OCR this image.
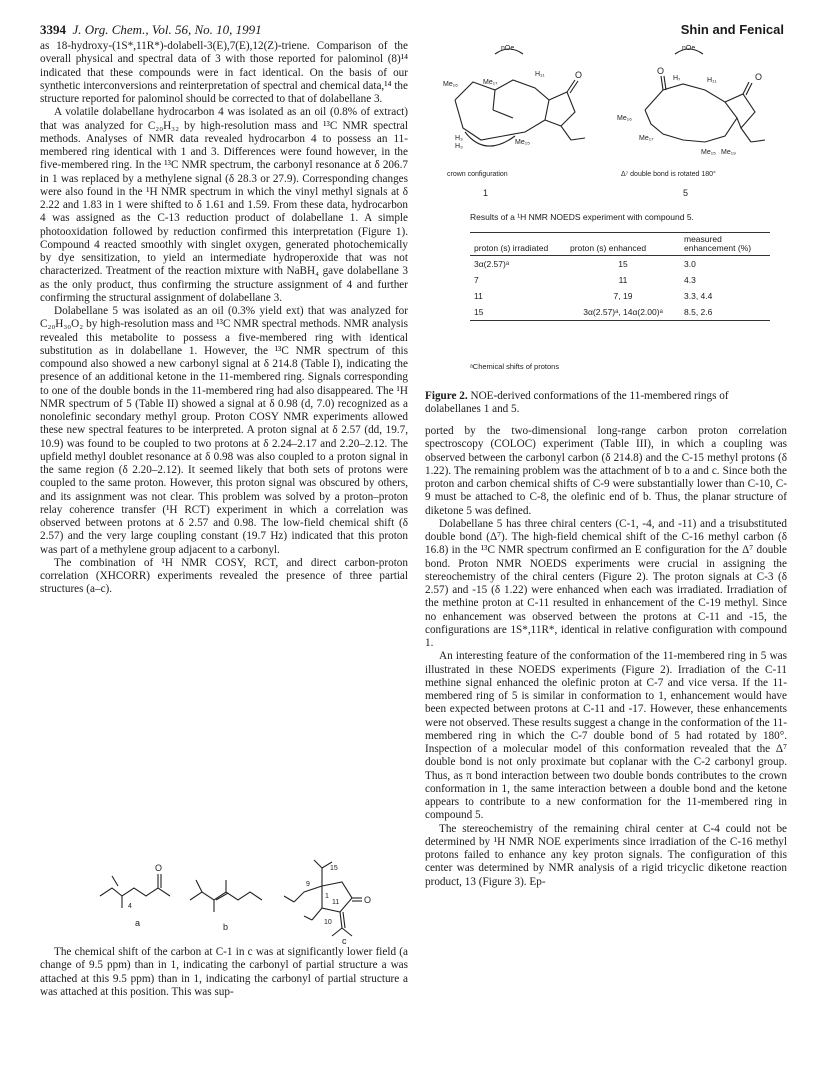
3394 J. Org. Chem., Vol. 56, No. 10, 1991	Shin and Fenical

as 18-hydroxy-(1S*,11R*)-dolabell-3(E),7(E),12(Z)-triene. Comparison of the overall physical and spectral data of 3 with those reported for palominol (8)¹⁴ indicated that these compounds were in fact identical. On the basis of our synthetic interconversions and reinterpretation of spectral and chemical data,¹⁴ the structure reported for palominol should be corrected to that of dolabellane 3.

A volatile dolabellane hydrocarbon 4 was isolated as an oil (0.8% of extract) that was analyzed for C₂₀H₃₂ by high-resolution mass and ¹³C NMR spectral methods. Analyses of NMR data revealed hydrocarbon 4 to possess an 11-membered ring identical with 1 and 3. Differences were found however, in the five-membered ring. In the ¹³C NMR spectrum, the carbonyl resonance at δ 206.7 in 1 was replaced by a methylene signal (δ 28.3 or 27.9). Corresponding changes were also found in the ¹H NMR spectrum in which the vinyl methyl signals at δ 2.22 and 1.83 in 1 were shifted to δ 1.61 and 1.59. From these data, hydrocarbon 4 was assigned as the C-13 reduction product of dolabellane 1. A simple photooxidation followed by reduction confirmed this interpretation (Figure 1). Compound 4 reacted smoothly with singlet oxygen, generated photochemically by dye sensitization, to yield an intermediate hydroperoxide that was not characterized. Treatment of the reaction mixture with NaBH₄ gave dolabellane 3 as the only product, thus confirming the structure assignment of 4 and further confirming the structural assignment of dolabellane 3.

Dolabellane 5 was isolated as an oil (0.3% yield ext) that was analyzed for C₂₀H₃₀O₂ by high-resolution mass and ¹³C NMR spectral methods. NMR analysis revealed this metabolite to possess a five-membered ring with identical substitution as in dolabellane 1. However, the ¹³C NMR spectrum of this compound also showed a new carbonyl signal at δ 214.8 (Table I), indicating the presence of an additional ketone in the 11-membered ring. Signals corresponding to one of the double bonds in the 11-membered ring had also disappeared. The ¹H NMR spectrum of 5 (Table II) showed a signal at δ 0.98 (d, 7.0) recognized as a nonolefinic secondary methyl group. Proton COSY NMR experiments allowed these new spectral features to be interpreted. A proton signal at δ 2.57 (dd, 19.7, 10.9) was found to be coupled to two protons at δ 2.24–2.17 and 2.20–2.12. The upfield methyl doublet resonance at δ 0.98 was also coupled to a proton signal in the same region (δ 2.20–2.12). It seemed likely that both sets of protons were coupled to the same proton. However, this proton signal was obscured by others, and its assignment was not clear. This problem was solved by a proton–proton relay coherence transfer (¹H RCT) experiment in which a correlation was observed between protons at δ 2.57 and 0.98. The low-field chemical shift (δ 2.57) and the very large coupling constant (19.7 Hz) indicated that this proton was part of a methylene group adjacent to a carbonyl.

The combination of ¹H NMR COSY, RCT, and direct carbon-proton correlation (XHCORR) experiments revealed the presence of three partial structures (a–c).

4
O
a	b
15
9
1
11	O
10
c

The chemical shift of the carbon at C-1 in c was at significantly lower field (a change of 9.5 ppm) than in 1, indicating the carbonyl of partial structure a was attached at this 9.5 ppm) than in 1, indicating the carbonyl of partial structure a was attached at this position. This was sup-

nOe
Me₁₆	Me₁₇
H₁₁
H₃
H₃
Me₁₅
O
nOe
O
H₇	H₁₁
Me₁₆
Me₁₇
Me₁₅ Me₁₉
O
crown configuration	Δ⁷ double bond is rotated 180°
1	5
Results of a ¹H NMR NOEDS experiment with compound 5.
proton (s) irradiated	proton (s) enhanced	measured enhancement (%)
3α(2.57)ᵃ	15	3.0
7	11	4.3
11	7, 19	3.3, 4.4
15	3α(2.57)ᵃ, 14α(2.00)ᵃ	8.5, 2.6
ᵃChemical shifts of protons
Figure 2. NOE-derived conformations of the 11-membered rings of dolabellanes 1 and 5.

ported by the two-dimensional long-range carbon proton correlation spectroscopy (COLOC) experiment (Table III), in which a coupling was observed between the carbonyl carbon (δ 214.8) and the C-15 methyl protons (δ 1.22). The remaining problem was the attachment of b to a and c. Since both the proton and carbon chemical shifts of C-9 were substantially lower than C-10, C-9 must be attached to C-8, the olefinic end of b. Thus, the planar structure of diketone 5 was defined.

Dolabellane 5 has three chiral centers (C-1, -4, and -11) and a trisubstituted double bond (Δ⁷). The high-field chemical shift of the C-16 methyl carbon (δ 16.8) in the ¹³C NMR spectrum confirmed an E configuration for the Δ⁷ double bond. Proton NMR NOEDS experiments were crucial in assigning the stereochemistry of the chiral centers (Figure 2). The proton signals at C-3 (δ 2.57) and -15 (δ 1.22) were enhanced when each was irradiated. Irradiation of the methine proton at C-11 resulted in enhancement of the C-19 methyl. Since no enhancement was observed between the protons at C-11 and -15, the configurations are 1S*,11R*, identical in relative configuration with compound 1.

An interesting feature of the conformation of the 11-membered ring in 5 was illustrated in these NOEDS experiments (Figure 2). Irradiation of the C-11 methine signal enhanced the olefinic proton at C-7 and vice versa. If the 11-membered ring of 5 is similar in conformation to 1, enhancement would have been expected between protons at C-11 and -17. However, these enhancements were not observed. These results suggest a change in the conformation of the 11-membered ring in which the C-7 double bond of 5 had rotated by 180°. Inspection of a molecular model of this conformation revealed that the Δ⁷ double bond is not only proximate but coplanar with the C-2 carbonyl group. Thus, as π bond interaction between two double bonds contributes to the crown conformation in 1, the same interaction between a double bond and the ketone appears to contribute to a new conformation for the 11-membered ring in compound 5.

The stereochemistry of the remaining chiral center at C-4 could not be determined by ¹H NMR NOE experiments since irradiation of the C-16 methyl protons failed to enhance any key proton signals. The configuration of this center was determined by NMR analysis of a rigid tricyclic diketone reaction product, 13 (Figure 3). Ep-
